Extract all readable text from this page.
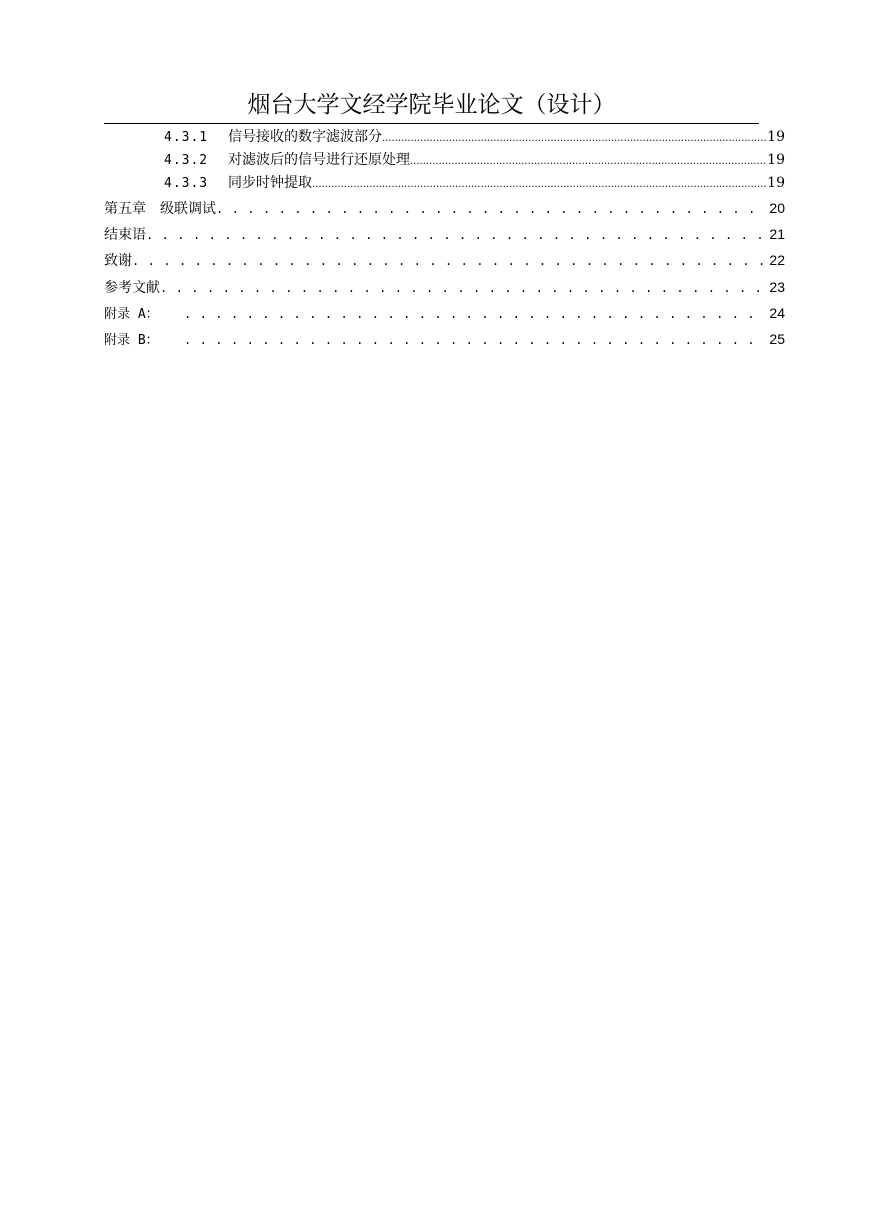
烟台大学文经学院毕业论文（设计）
4.3.1 信号接收的数字滤波部分 .....	19
4.3.2 对滤波后的信号进行还原处理 .....	19
4.3.3 同步时钟提取 .....	19
第五章　级联调试 . . .	20
结束语 . . .	21
致谢 . . .	22
参考文献 . . .	23
附录 A： . . .	24
附录 B： . . .	25
